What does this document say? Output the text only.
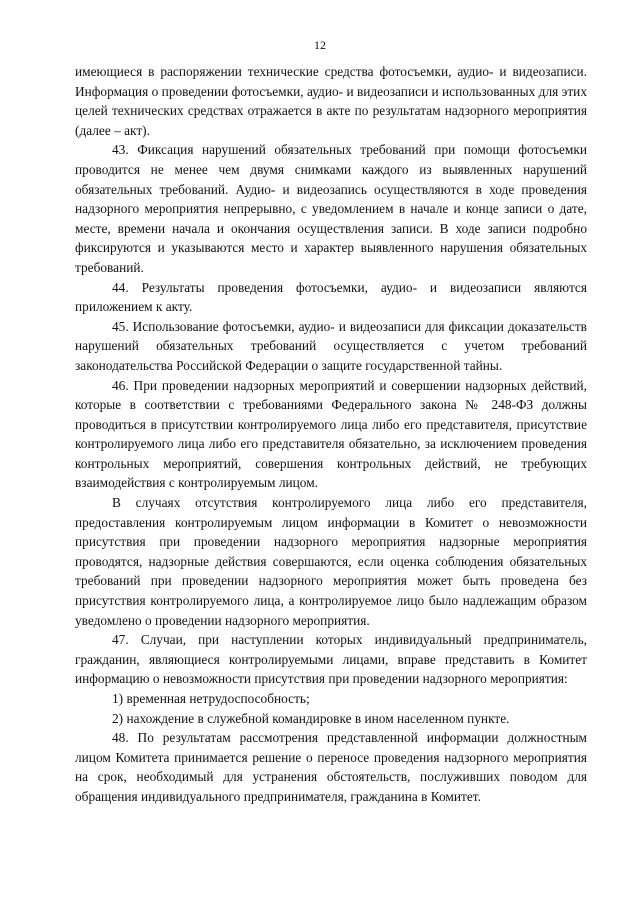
12

имеющиеся в распоряжении технические средства фотосъемки, аудио- и видеозаписи. Информация о проведении фотосъемки, аудио- и видеозаписи и использованных для этих целей технических средствах отражается в акте по результатам надзорного мероприятия (далее – акт).

43. Фиксация нарушений обязательных требований при помощи фотосъемки проводится не менее чем двумя снимками каждого из выявленных нарушений обязательных требований. Аудио- и видеозапись осуществляются в ходе проведения надзорного мероприятия непрерывно, с уведомлением в начале и конце записи о дате, месте, времени начала и окончания осуществления записи. В ходе записи подробно фиксируются и указываются место и характер выявленного нарушения обязательных требований.

44. Результаты проведения фотосъемки, аудио- и видеозаписи являются приложением к акту.

45. Использование фотосъемки, аудио- и видеозаписи для фиксации доказательств нарушений обязательных требований осуществляется с учетом требований законодательства Российской Федерации о защите государственной тайны.

46. При проведении надзорных мероприятий и совершении надзорных действий, которые в соответствии с требованиями Федерального закона № 248-ФЗ должны проводиться в присутствии контролируемого лица либо его представителя, присутствие контролируемого лица либо его представителя обязательно, за исключением проведения контрольных мероприятий, совершения контрольных действий, не требующих взаимодействия с контролируемым лицом.

В случаях отсутствия контролируемого лица либо его представителя, предоставления контролируемым лицом информации в Комитет о невозможности присутствия при проведении надзорного мероприятия надзорные мероприятия проводятся, надзорные действия совершаются, если оценка соблюдения обязательных требований при проведении надзорного мероприятия может быть проведена без присутствия контролируемого лица, а контролируемое лицо было надлежащим образом уведомлено о проведении надзорного мероприятия.

47. Случаи, при наступлении которых индивидуальный предприниматель, гражданин, являющиеся контролируемыми лицами, вправе представить в Комитет информацию о невозможности присутствия при проведении надзорного мероприятия:

1) временная нетрудоспособность;

2) нахождение в служебной командировке в ином населенном пункте.

48. По результатам рассмотрения представленной информации должностным лицом Комитета принимается решение о переносе проведения надзорного мероприятия на срок, необходимый для устранения обстоятельств, послуживших поводом для обращения индивидуального предпринимателя, гражданина в Комитет.
